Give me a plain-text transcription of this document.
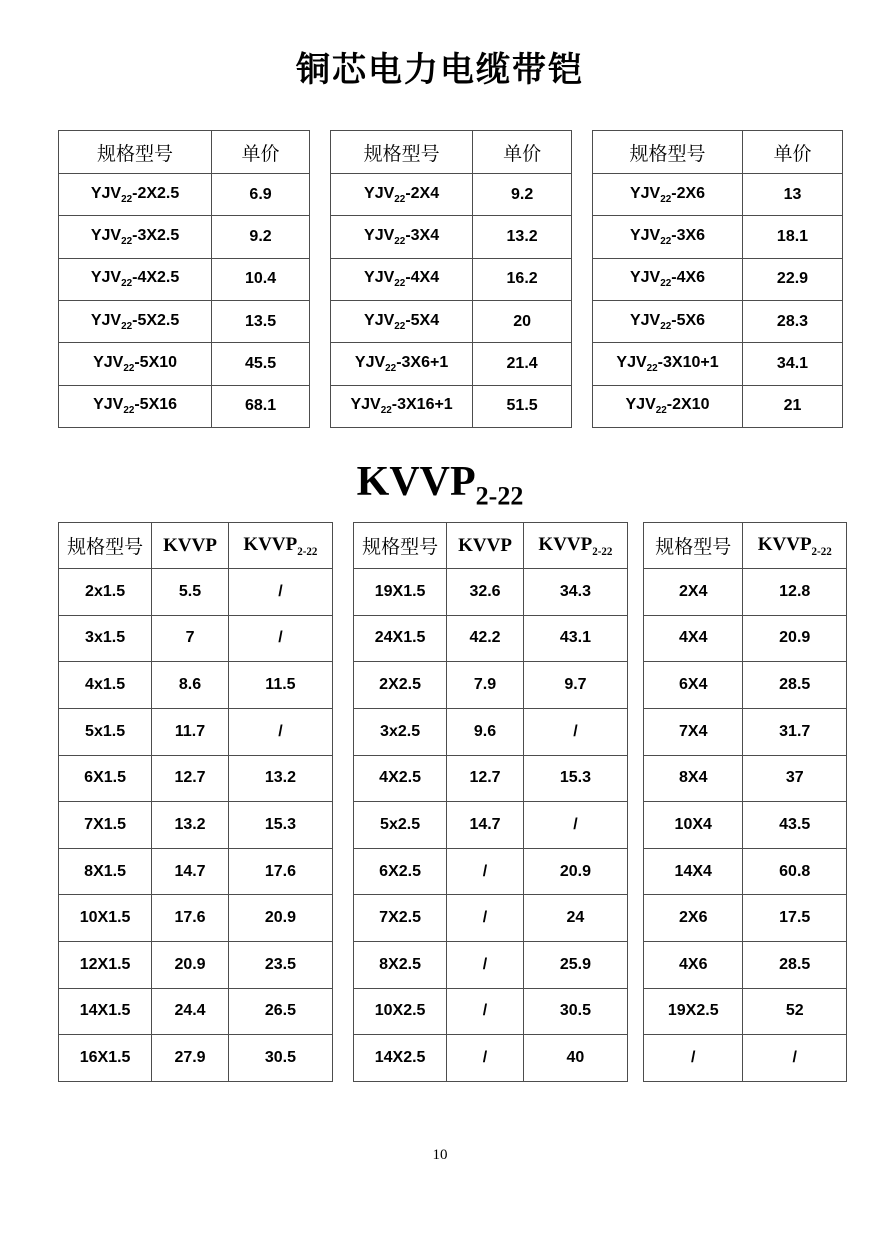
铜芯电力电缆带铠
规格型号	单价
$YJV_{22}-2X2.5$	6.9
$YJV_{22}-3X2.5$	9.2
$YJV_{22}-4X2.5$	10.4
$YJV_{22}-5X2.5$	13.5
$YJV_{22}-5X10$	45.5
$YJV_{22}-5X16$	68.1
规格型号	单价
$YJV_{22}-2X4$	9.2
$YJV_{22}-3X4$	13.2
$YJV_{22}-4X4$	16.2
$YJV_{22}-5X4$	20
$YJV_{22}-3X6+1$	21.4
$YJV_{22}-3X16+1$	51.5
规格型号	单价
$YJV_{22}-2X6$	13
$YJV_{22}-3X6$	18.1
$YJV_{22}-4X6$	22.9
$YJV_{22}-5X6$	28.3
$YJV_{22}-3X10+1$	34.1
$YJV_{22}-2X10$	21
$KVVP_{2-22}$
规格型号	KVVP	$KVVP_{2-22}$
2x1.5	5.5	/
3x1.5	7	/
4x1.5	8.6	11.5
5x1.5	11.7	/
6X1.5	12.7	13.2
7X1.5	13.2	15.3
8X1.5	14.7	17.6
10X1.5	17.6	20.9
12X1.5	20.9	23.5
14X1.5	24.4	26.5
16X1.5	27.9	30.5
规格型号	KVVP	$KVVP_{2-22}$
19X1.5	32.6	34.3
24X1.5	42.2	43.1
2X2.5	7.9	9.7
3x2.5	9.6	/
4X2.5	12.7	15.3
5x2.5	14.7	/
6X2.5	/	20.9
7X2.5	/	24
8X2.5	/	25.9
10X2.5	/	30.5
14X2.5	/	40
规格型号	$KVVP_{2-22}$
2X4	12.8
4X4	20.9
6X4	28.5
7X4	31.7
8X4	37
10X4	43.5
14X4	60.8
2X6	17.5
4X6	28.5
19X2.5	52
/	/
10
